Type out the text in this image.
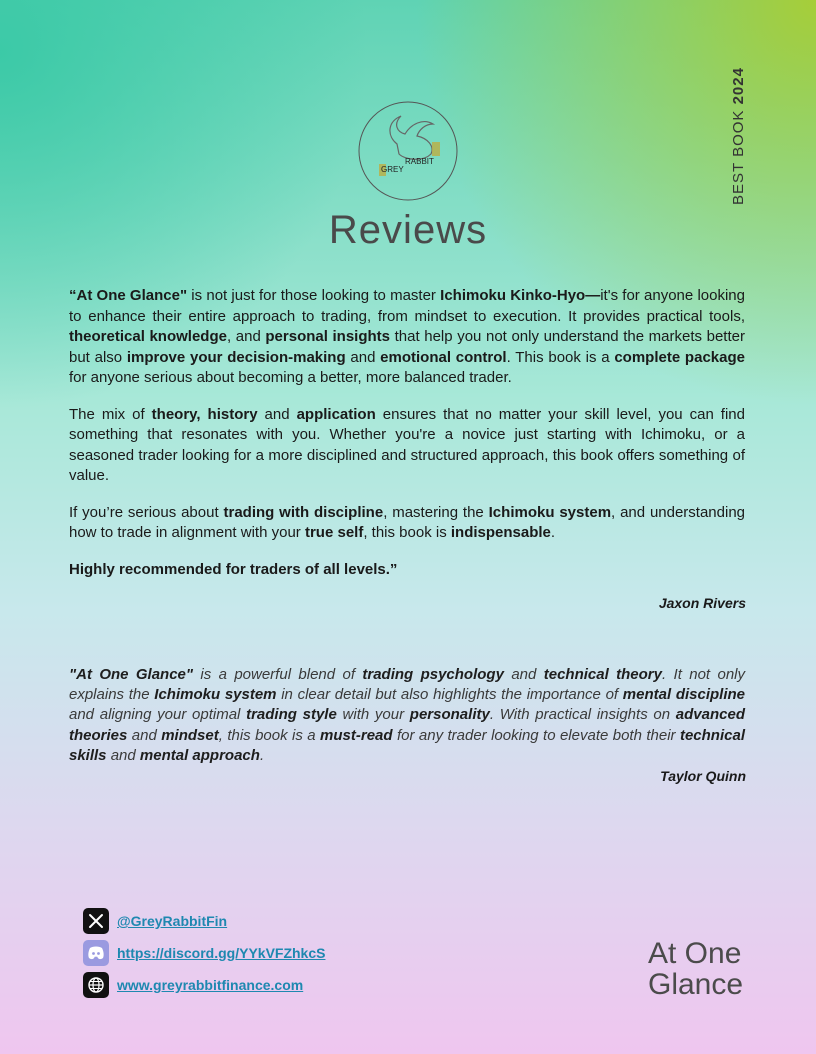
BEST BOOK 2024
RABBIT
GREY
Reviews

“At One Glance" is not just for those looking to master Ichimoku Kinko-Hyo—it's for anyone looking to enhance their entire approach to trading, from mindset to execution. It provides practical tools, theoretical knowledge, and personal insights that help you not only understand the markets better but also improve your decision-making and emotional control. This book is a complete package for anyone serious about becoming a better, more balanced trader.

The mix of theory, history and application ensures that no matter your skill level, you can find something that resonates with you. Whether you're a novice just starting with Ichimoku, or a seasoned trader looking for a more disciplined and structured approach, this book offers something of value.

If you’re serious about trading with discipline, mastering the Ichimoku system, and understanding how to trade in alignment with your true self, this book is indispensable.

Highly recommended for traders of all levels.”

Jaxon Rivers
"At One Glance" is a powerful blend of trading psychology and technical theory. It not only explains the Ichimoku system in clear detail but also highlights the importance of mental discipline and aligning your optimal trading style with your personality. With practical insights on advanced theories and mindset, this book is a must-read for any trader looking to elevate both their technical skills and mental approach.
Taylor Quinn
@GreyRabbitFin
https://discord.gg/YYkVFZhkcS
www.greyrabbitfinance.com
At One
Glance
